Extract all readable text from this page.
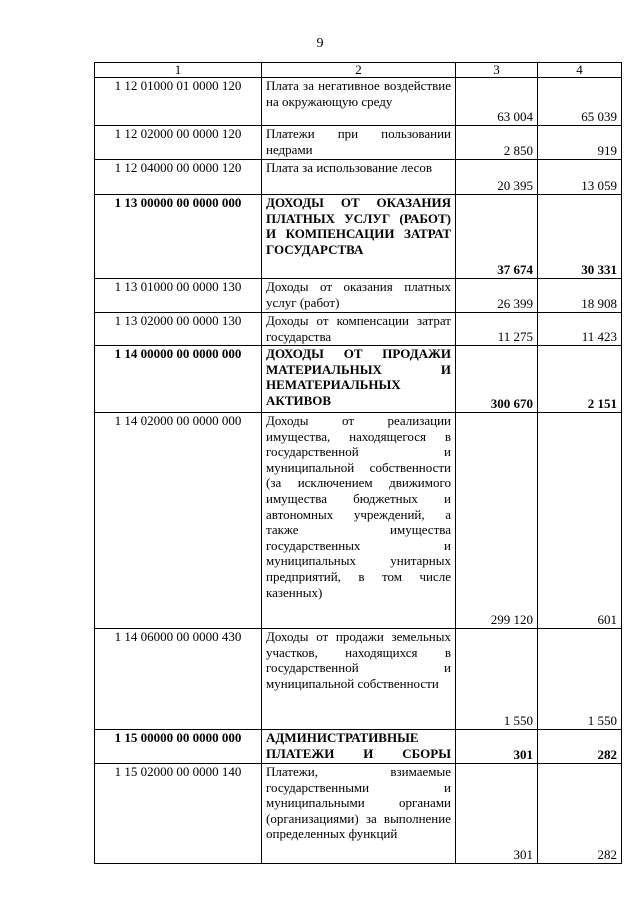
9
1	2	3	4
1 12 01000 01 0000 120	Плата за негативное воздействие на окружающую среду	63 004	65 039
1 12 02000 00 0000 120	Платежи при пользовании недрами	2 850	919
1 12 04000 00 0000 120	Плата за использование лесов	20 395	13 059
1 13 00000 00 0000 000	ДОХОДЫ ОТ ОКАЗАНИЯ ПЛАТНЫХ УСЛУГ (РАБОТ) И КОМПЕНСАЦИИ ЗАТРАТ ГОСУДАРСТВА	37 674	30 331
1 13 01000 00 0000 130	Доходы от оказания платных услуг (работ)	26 399	18 908
1 13 02000 00 0000 130	Доходы от компенсации затрат государства	11 275	11 423
1 14 00000 00 0000 000	ДОХОДЫ ОТ ПРОДАЖИ МАТЕРИАЛЬНЫХ И НЕМАТЕРИАЛЬНЫХ АКТИВОВ	300 670	2 151
1 14 02000 00 0000 000	Доходы от реализации имущества, находящегося в государственной и муниципальной собственности (за исключением движимого имущества бюджетных и автономных учреждений, а также имущества государственных и муниципальных унитарных предприятий, в том числе казенных)	299 120	601
1 14 06000 00 0000 430	Доходы от продажи земельных участков, находящихся в государственной и муниципальной собственности	1 550	1 550
1 15 00000 00 0000 000	АДМИНИСТРАТИВНЫЕ ПЛАТЕЖИ И СБОРЫ	301	282
1 15 02000 00 0000 140	Платежи, взимаемые государственными и муниципальными органами (организациями) за выполнение определенных функций	301	282
